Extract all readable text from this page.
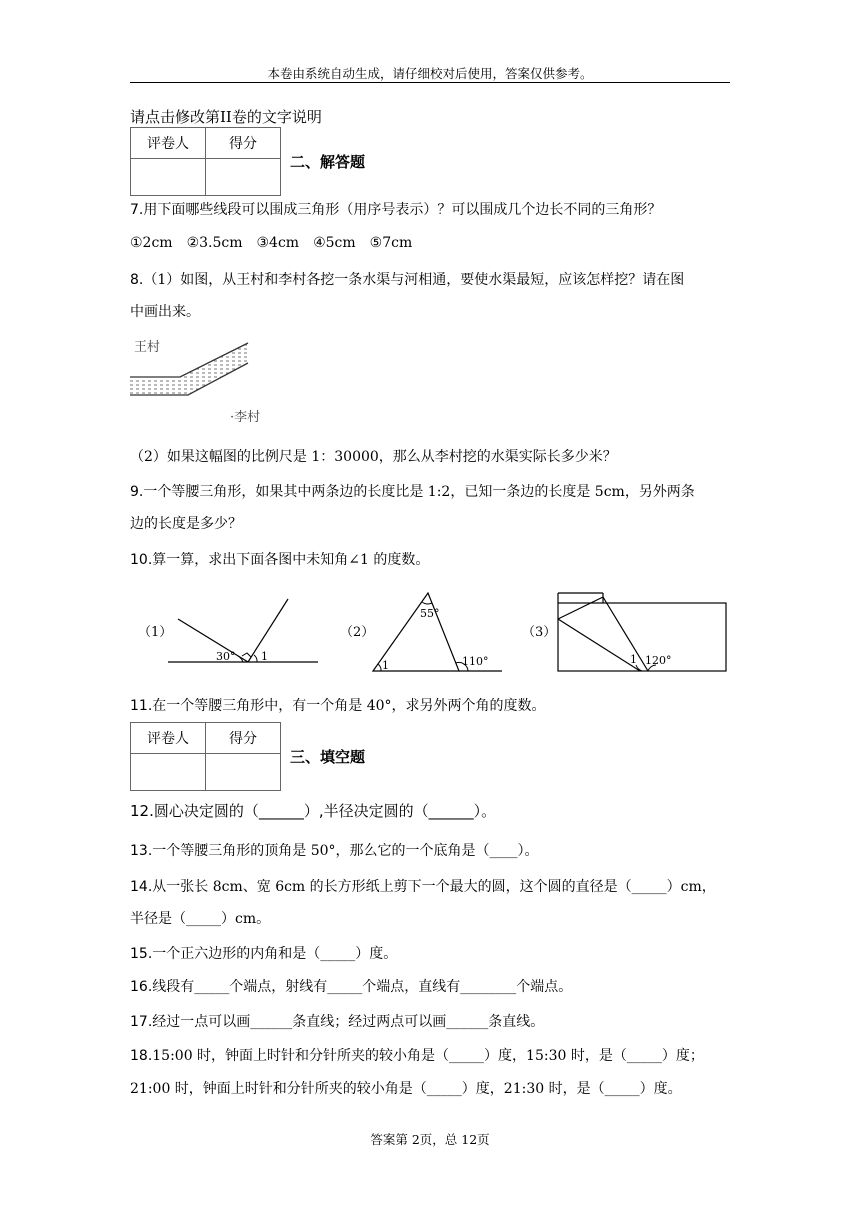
本卷由系统自动生成，请仔细校对后使用，答案仅供参考。
请点击修改第II卷的文字说明
评卷人	得分

二、解答题
7.用下面哪些线段可以围成三角形（用序号表示）？可以围成几个边长不同的三角形？
①2cm　②3.5cm　③4cm　④5cm　⑤7cm
8.（1）如图，从王村和李村各挖一条水渠与河相通，要使水渠最短，应该怎样挖？请在图
中画出来。
王村
·李村
（2）如果这幅图的比例尺是 1：30000，那么从李村挖的水渠实际长多少米？
9.一个等腰三角形，如果其中两条边的长度比是 1:2，已知一条边的长度是 5cm，另外两条
边的长度是多少？
10.算一算，求出下面各图中未知角∠1 的度数。
（1）
30° 1
（2）
55°
1	110°
（3）
1 120°
11.在一个等腰三角形中，有一个角是 40°，求另外两个角的度数。
评卷人	得分

三、填空题
12.圆心决定圆的（______）,半径决定圆的（______）。
13.一个等腰三角形的顶角是 50°，那么它的一个底角是（____）。
14.从一张长 8cm、宽 6cm 的长方形纸上剪下一个最大的圆，这个圆的直径是（_____）cm，
半径是（_____）cm。
15.一个正六边形的内角和是（_____）度。
16.线段有_____个端点，射线有_____个端点，直线有________个端点。
17.经过一点可以画______条直线；经过两点可以画______条直线。
18.15:00 时，钟面上时针和分针所夹的较小角是（_____）度，15:30 时，是（_____）度；
21:00 时，钟面上时针和分针所夹的较小角是（_____）度，21:30 时，是（_____）度。
答案第 2页，总 12页
